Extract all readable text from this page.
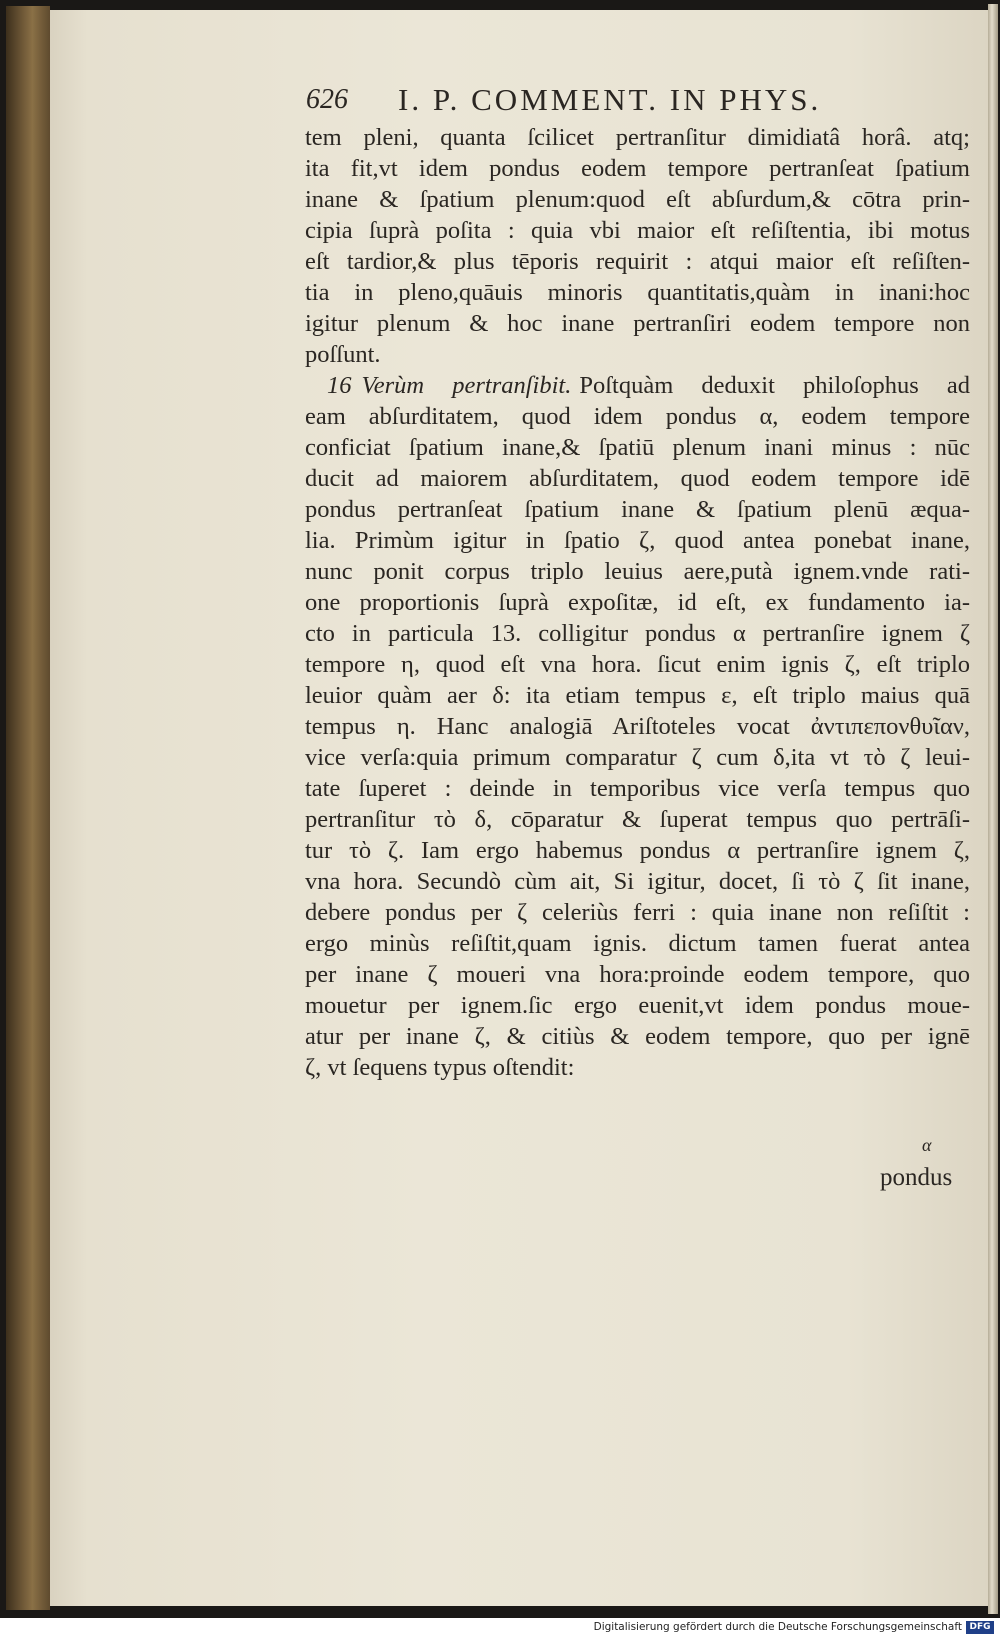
626 I. P. COMMENT. IN PHYS.
tem pleni, quanta ſcilicet pertranſitur dimidiatâ horâ. atq;
ita fit,vt idem pondus eodem tempore pertranſeat ſpatium
inane & ſpatium plenum:quod eſt abſurdum,& cōtra prin-
cipia ſuprà poſita : quia vbi maior eſt reſiſtentia, ibi motus
eſt tardior,& plus tēporis requirit : atqui maior eſt reſiſten-
tia in pleno,quāuis minoris quantitatis,quàm in inani:hoc
igitur plenum & hoc inane pertranſiri eodem tempore non
poſſunt.
16 Verùm pertranſibit. Poſtquàm deduxit philoſophus ad
eam abſurditatem, quod idem pondus α, eodem tempore
conficiat ſpatium inane,& ſpatiū plenum inani minus : nūc
ducit ad maiorem abſurditatem, quod eodem tempore idē
pondus pertranſeat ſpatium inane & ſpatium plenū æqua-
lia. Primùm igitur in ſpatio ζ, quod antea ponebat inane,
nunc ponit corpus triplo leuius aere,putà ignem.vnde rati-
one proportionis ſuprà expoſitæ, id eſt, ex fundamento ia-
cto in particula 13. colligitur pondus α pertranſire ignem ζ
tempore η, quod eſt vna hora. ſicut enim ignis ζ, eſt triplo
leuior quàm aer δ: ita etiam tempus ε, eſt triplo maius quā
tempus η. Hanc analogiā Ariſtoteles vocat ἀντιπεπονθυῖαν,
vice verſa:quia primum comparatur ζ cum δ,ita vt τὸ ζ leui-
tate ſuperet : deinde in temporibus vice verſa tempus quo
pertranſitur τὸ δ, cōparatur & ſuperat tempus quo pertrāſi-
tur τὸ ζ. Iam ergo habemus pondus α pertranſire ignem ζ,
vna hora. Secundò cùm ait, Si igitur, docet, ſi τὸ ζ ſit inane,
debere pondus per ζ celeriùs ferri : quia inane non reſiſtit :
ergo minùs reſiſtit,quam ignis. dictum tamen fuerat antea
per inane ζ moueri vna hora:proinde eodem tempore, quo
mouetur per ignem.ſic ergo euenit,vt idem pondus moue-
atur per inane ζ, & citiùs & eodem tempore, quo per ignē
ζ, vt ſequens typus oſtendit:
α
pondus
Digitalisierung gefördert durch die Deutsche Forschungsgemeinschaft DFG
